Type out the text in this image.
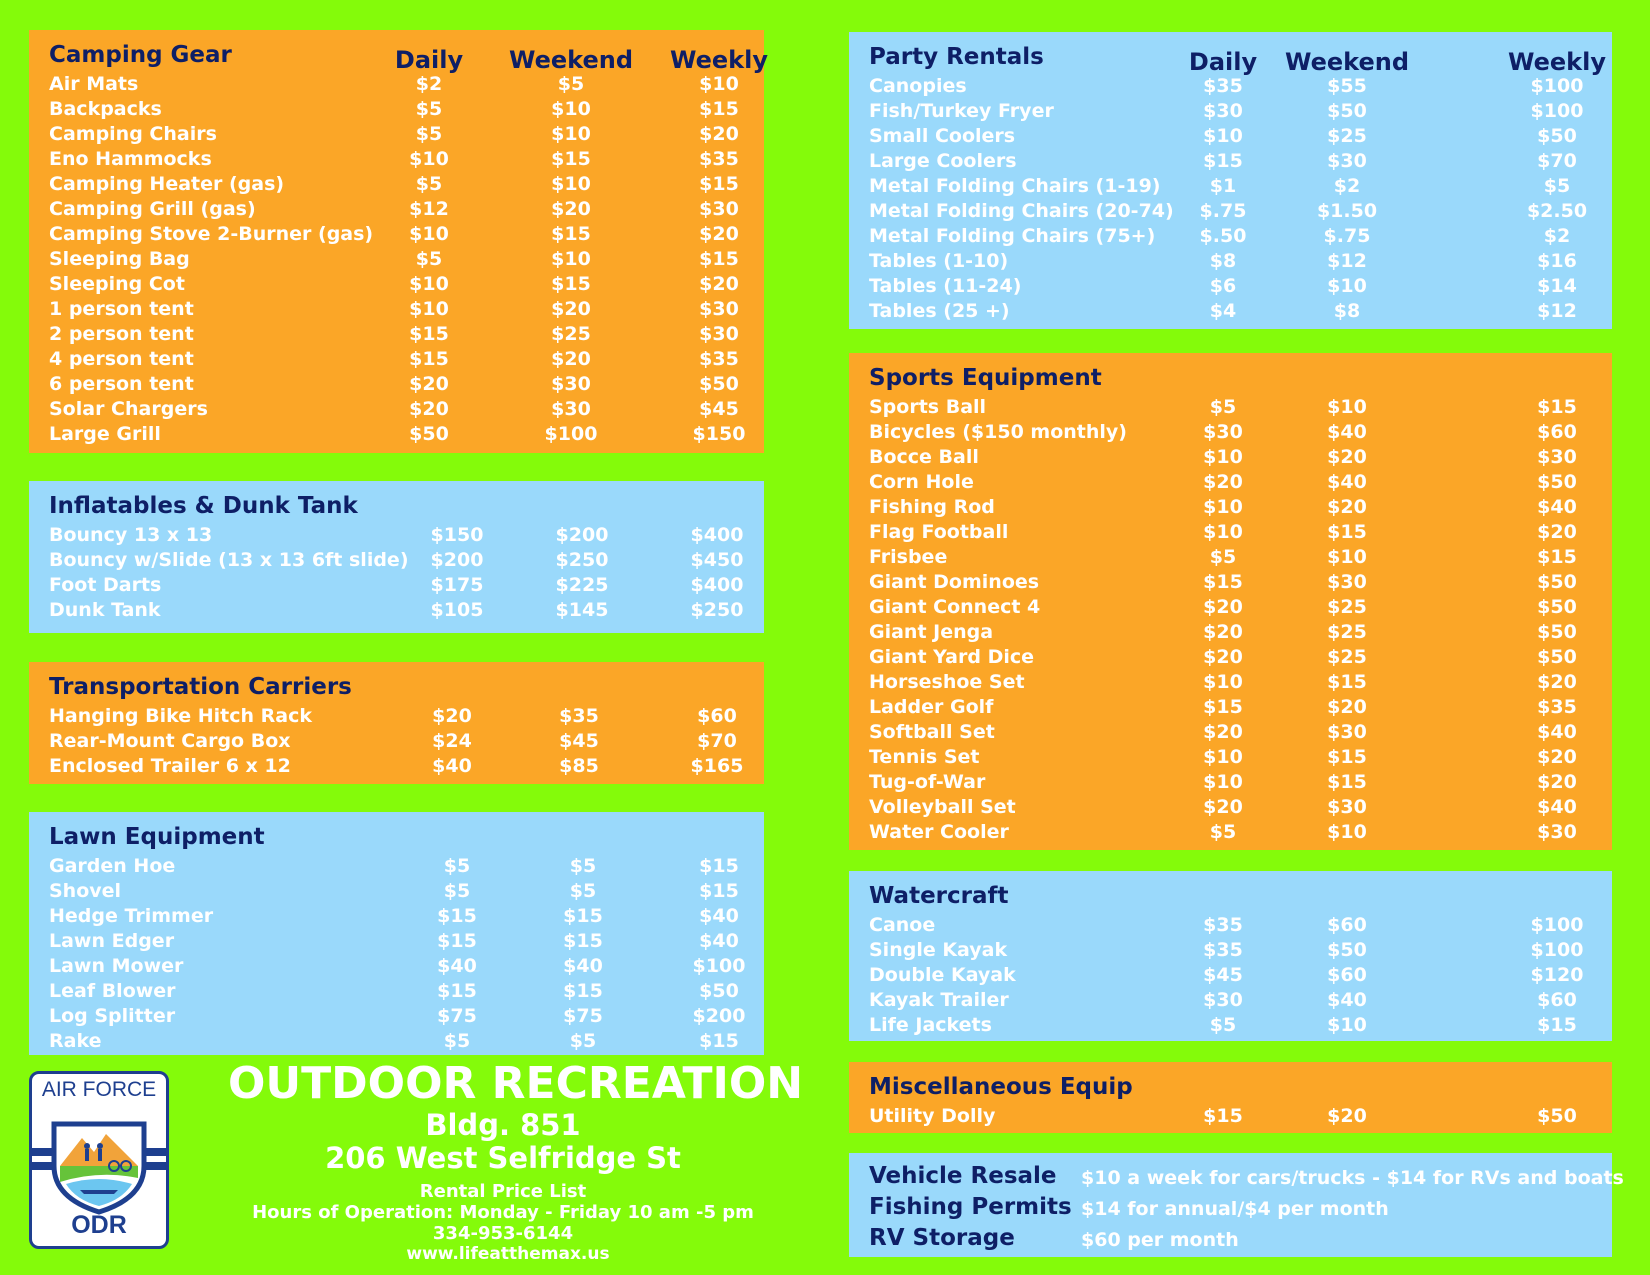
Camping Gear	Daily Weekend Weekly
Air Mats	$2	$5	$10
Backpacks	$5	$10	$15
Camping Chairs	$5	$10	$20
Eno Hammocks	$10	$15	$35
Camping Heater (gas)	$5	$10	$15
Camping Grill (gas)	$12	$20	$30
Camping Stove 2-Burner (gas) $10	$15	$20
Sleeping Bag	$5	$10	$15
Sleeping Cot	$10	$15	$20
1 person tent	$10	$20	$30
2 person tent	$15	$25	$30
4 person tent	$15	$20	$35
6 person tent	$20	$30	$50
Solar Chargers	$20	$30	$45
Large Grill	$50	$100	$150
Inflatables & Dunk Tank
Bouncy 13 x 13	$150	$200	$400
Bouncy w/Slide (13 x 13 6ft slide) $200	$250	$450
Foot Darts	$175	$225	$400
Dunk Tank	$105	$145	$250
Transportation Carriers
Hanging Bike Hitch Rack	$20	$35	$60
Rear-Mount Cargo Box	$24	$45	$70
Enclosed Trailer 6 x 12	$40	$85	$165
Lawn Equipment
Garden Hoe	$5	$5	$15
Shovel	$5	$5	$15
Hedge Trimmer	$15	$15	$40
Lawn Edger	$15	$15	$40
Lawn Mower	$40	$40	$100
Leaf Blower	$15	$15	$50
Log Splitter	$75	$75	$200
Rake	$5	$5	$15
Party Rentals	Daily Weekend	Weekly
Canopies	$35	$55	$100
Fish/Turkey Fryer	$30	$50	$100
Small Coolers	$10	$25	$50
Large Coolers	$15	$30	$70
Metal Folding Chairs (1-19)	$1	$2	$5
Metal Folding Chairs (20-74) $.75	$1.50	$2.50
Metal Folding Chairs (75+) $.50	$.75	$2
Tables (1-10)	$8	$12	$16
Tables (11-24)	$6	$10	$14
Tables (25 +)	$4	$8	$12
Sports Equipment
Sports Ball	$5	$10	$15
Bicycles ($150 monthly)	$30	$40	$60
Bocce Ball	$10	$20	$30
Corn Hole	$20	$40	$50
Fishing Rod	$10	$20	$40
Flag Football	$10	$15	$20
Frisbee	$5	$10	$15
Giant Dominoes	$15	$30	$50
Giant Connect 4	$20	$25	$50
Giant Jenga	$20	$25	$50
Giant Yard Dice	$20	$25	$50
Horseshoe Set	$10	$15	$20
Ladder Golf	$15	$20	$35
Softball Set	$20	$30	$40
Tennis Set	$10	$15	$20
Tug-of-War	$10	$15	$20
Volleyball Set	$20	$30	$40
Water Cooler	$5	$10	$30
Watercraft
Canoe	$35	$60	$100
Single Kayak	$35	$50	$100
Double Kayak	$45	$60	$120
Kayak Trailer	$30	$40	$60
Life Jackets	$5	$10	$15
Miscellaneous Equip
Utility Dolly	$15	$20	$50
Vehicle Resale $10 a week for cars/trucks - $14 for RVs and boats
Fishing Permits $14 for annual/$4 per month
RV Storage	$60 per month
AIR FORCE
ODR
OUTDOOR RECREATION
Bldg. 851
206 West Selfridge St
Rental Price List
Hours of Operation: Monday - Friday 10 am -5 pm
334-953-6144
www.lifeatthemax.us
